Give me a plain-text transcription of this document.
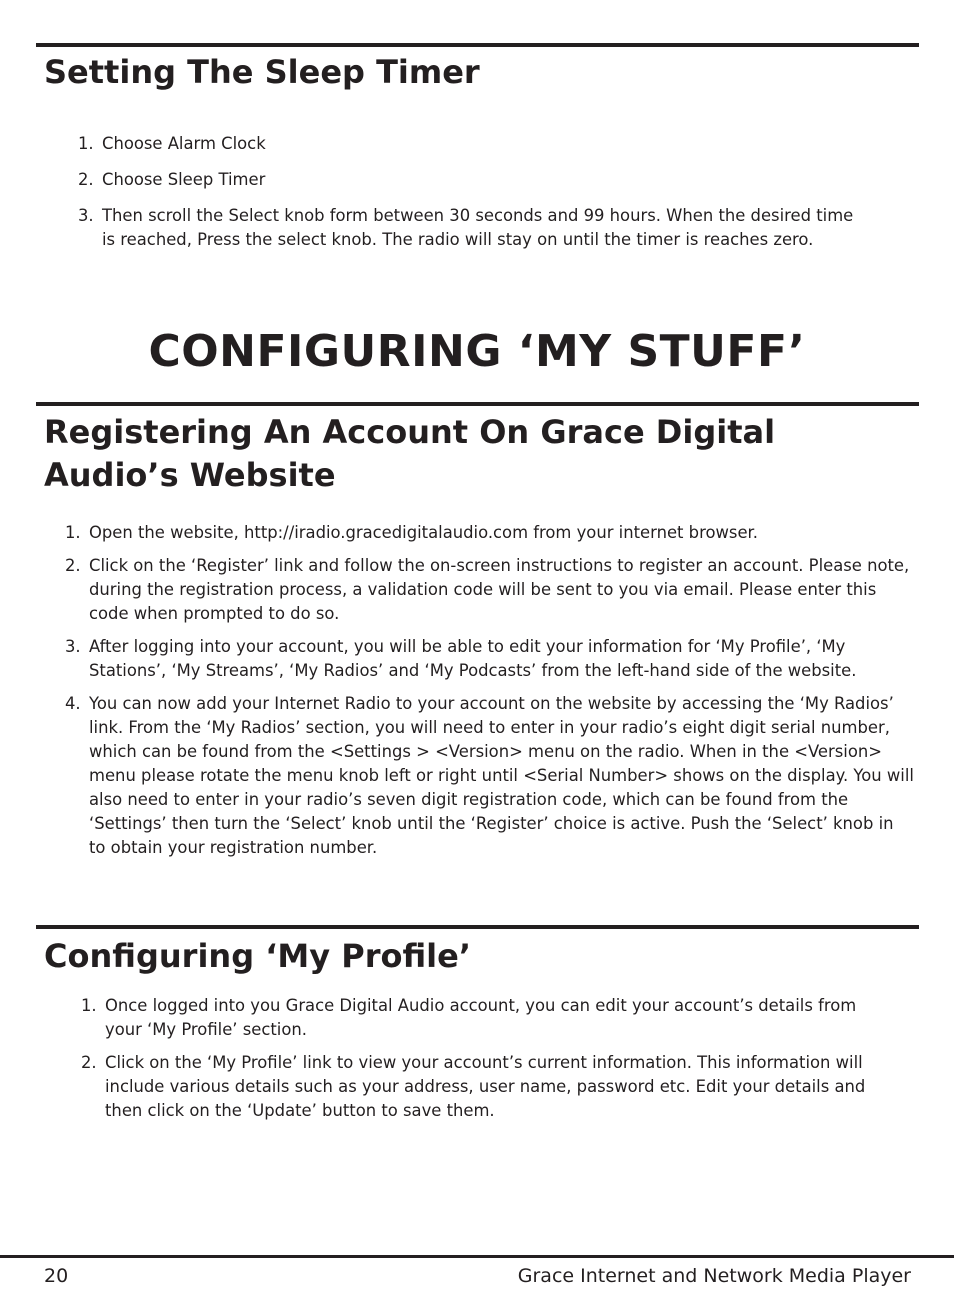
Setting The Sleep Timer
1. Choose Alarm Clock
2. Choose Sleep Timer
3. Then scroll the Select knob form between 30 seconds and 99 hours. When the desired time is reached, Press the select knob. The radio will stay on until the timer is reaches zero.
CONFIGURING ‘MY STUFF’
Registering An Account On Grace Digital Audio’s Website
1. Open the website, http://iradio.gracedigitalaudio.com from your internet browser.
2. Click on the ‘Register’ link and follow the on-screen instructions to register an account. Please note, during the registration process, a validation code will be sent to you via email. Please enter this code when prompted to do so.
3. After logging into your account, you will be able to edit your information for ‘My Profile’, ‘My Stations’, ‘My Streams’, ‘My Radios’ and ‘My Podcasts’ from the left-hand side of the website.
4. You can now add your Internet Radio to your account on the website by accessing the ‘My Radios’ link. From the ‘My Radios’ section, you will need to enter in your radio’s eight digit serial number, which can be found from the <Settings > <Version> menu on the radio. When in the <Version> menu please rotate the menu knob left or right until <Serial Number> shows on the display. You will also need to enter in your radio’s seven digit registration code, which can be found from the ‘Settings’ then turn the ‘Select’ knob until the ‘Register’ choice is active. Push the ‘Select’ knob in to obtain your registration number.
Configuring ‘My Profile’
1. Once logged into you Grace Digital Audio account, you can edit your account’s details from your ‘My Profile’ section.
2. Click on the ‘My Profile’ link to view your account’s current information. This information will include various details such as your address, user name, password etc. Edit your details and then click on the ‘Update’ button to save them.
20	Grace Internet and Network Media Player
